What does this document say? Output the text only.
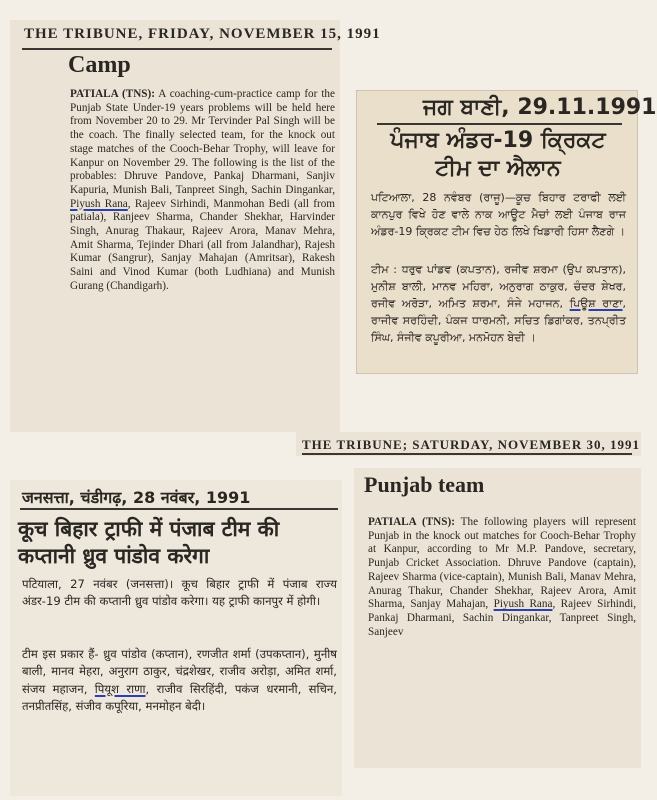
THE TRIBUNE, FRIDAY, NOVEMBER 15, 1991
Camp

PATIALA (TNS): A coaching-cum-practice camp for the Punjab State Under-19 years problems will be held here from November 20 to 29. Mr Tervinder Pal Singh will be the coach. The finally selected team, for the knock out stage matches of the Cooch-Behar Trophy, will leave for Kanpur on November 29. The following is the list of the probables: Dhruve Pandove, Pankaj Dharmani, Sanjiv Kapuria, Munish Bali, Tanpreet Singh, Sachin Dingankar, Piyush Rana, Rajeev Sirhindi, Manmohan Bedi (all from patiala), Ranjeev Sharma, Chander Shekhar, Harvinder Singh, Anurag Thakaur, Rajeev Arora, Manav Mehra, Amit Sharma, Tejinder Dhari (all from Jalandhar), Rajesh Kumar (Sangrur), Sanjay Mahajan (Amritsar), Rakesh Saini and Vinod Kumar (both Ludhiana) and Munish Gurang (Chandigarh).

ਜਗ ਬਾਣੀ, 29.11.1991
ਪੰਜਾਬ ਅੰਡਰ-19 ਕ੍ਰਿਕਟ ਟੀਮ ਦਾ ਐਲਾਨ

ਪਟਿਆਲਾ, 28 ਨਵੰਬਰ (ਰਾਜੂ)—ਕੂਚ ਬਿਹਾਰ ਟਰਾਫੀ ਲਈ ਕਾਨਪੁਰ ਵਿਖੇ ਹੋਣ ਵਾਲੇ ਨਾਕ ਆਊਟ ਮੈਚਾਂ ਲਈ ਪੰਜਾਬ ਰਾਜ ਅੰਡਰ-19 ਕ੍ਰਿਕਟ ਟੀਮ ਵਿਚ ਹੇਠ ਲਿਖੇ ਖਿਡਾਰੀ ਹਿਸਾ ਲੈਣਗੇ ।

ਟੀਮ : ਧਰੁਵ ਪਾਂਡਵ (ਕਪਤਾਨ), ਰਜੀਵ ਸ਼ਰਮਾ (ਉਪ ਕਪਤਾਨ), ਮੁਨੀਸ਼ ਬਾਲੀ, ਮਾਨਵ ਮਹਿਰਾ, ਅਨੁਰਾਗ ਠਾਕੁਰ, ਚੰਦਰ ਸ਼ੇਖਰ, ਰਜੀਵ ਅਰੋੜਾ, ਅਮਿਤ ਸ਼ਰਮਾ, ਸੰਜੇ ਮਹਾਜਨ, ਪਿਊਸ਼ ਰਾਣਾ, ਰਾਜੀਵ ਸਰਹਿੰਦੀ, ਪੰਕਜ ਧਾਰਮਨੀ, ਸਚਿਤ ਡਿਗਾਂਕਰ, ਤਨਪ੍ਰੀਤ ਸਿੰਘ, ਸੰਜੀਵ ਕਪੂਰੀਆ, ਮਨਮੋਹਨ ਬੇਦੀ ।

THE TRIBUNE; SATURDAY, NOVEMBER 30, 1991
जनसत्ता, चंडीगढ़, 28 नवंबर, 1991
कूच बिहार ट्राफी में पंजाब टीम की कप्तानी ध्रुव पांडोव करेगा

पटियाला, 27 नवंबर (जनसत्ता)। कूच बिहार ट्राफी में पंजाब राज्य अंडर-19 टीम की कप्तानी ध्रुव पांडोव करेगा। यह ट्राफी कानपुर में होगी।

टीम इस प्रकार हैं- ध्रुव पांडोव (कप्तान), रणजीत शर्मा (उपकप्तान), मुनीष बाली, मानव मेहरा, अनुराग ठाकुर, चंद्रशेखर, राजीव अरोड़ा, अमित शर्मा, संजय महाजन, पियूश राणा, राजीव सिरहिंदी, पकंज धरमानी, सचिन, तनप्रीतसिंह, संजीव कपूरिया, मनमोहन बेदी।

Punjab team

PATIALA (TNS): The following players will represent Punjab in the knock out matches for Cooch-Behar Trophy at Kanpur, according to Mr M.P. Pandove, secretary, Punjab Cricket Association. Dhruve Pandove (captain), Rajeev Sharma (vice-captain), Munish Bali, Manav Mehra, Anurag Thakur, Chander Shekhar, Rajeev Arora, Amit Sharma, Sanjay Mahajan, Piyush Rana, Rajeev Sirhindi, Pankaj Dharmani, Sachin Dingankar, Tanpreet Singh, Sanjeev
